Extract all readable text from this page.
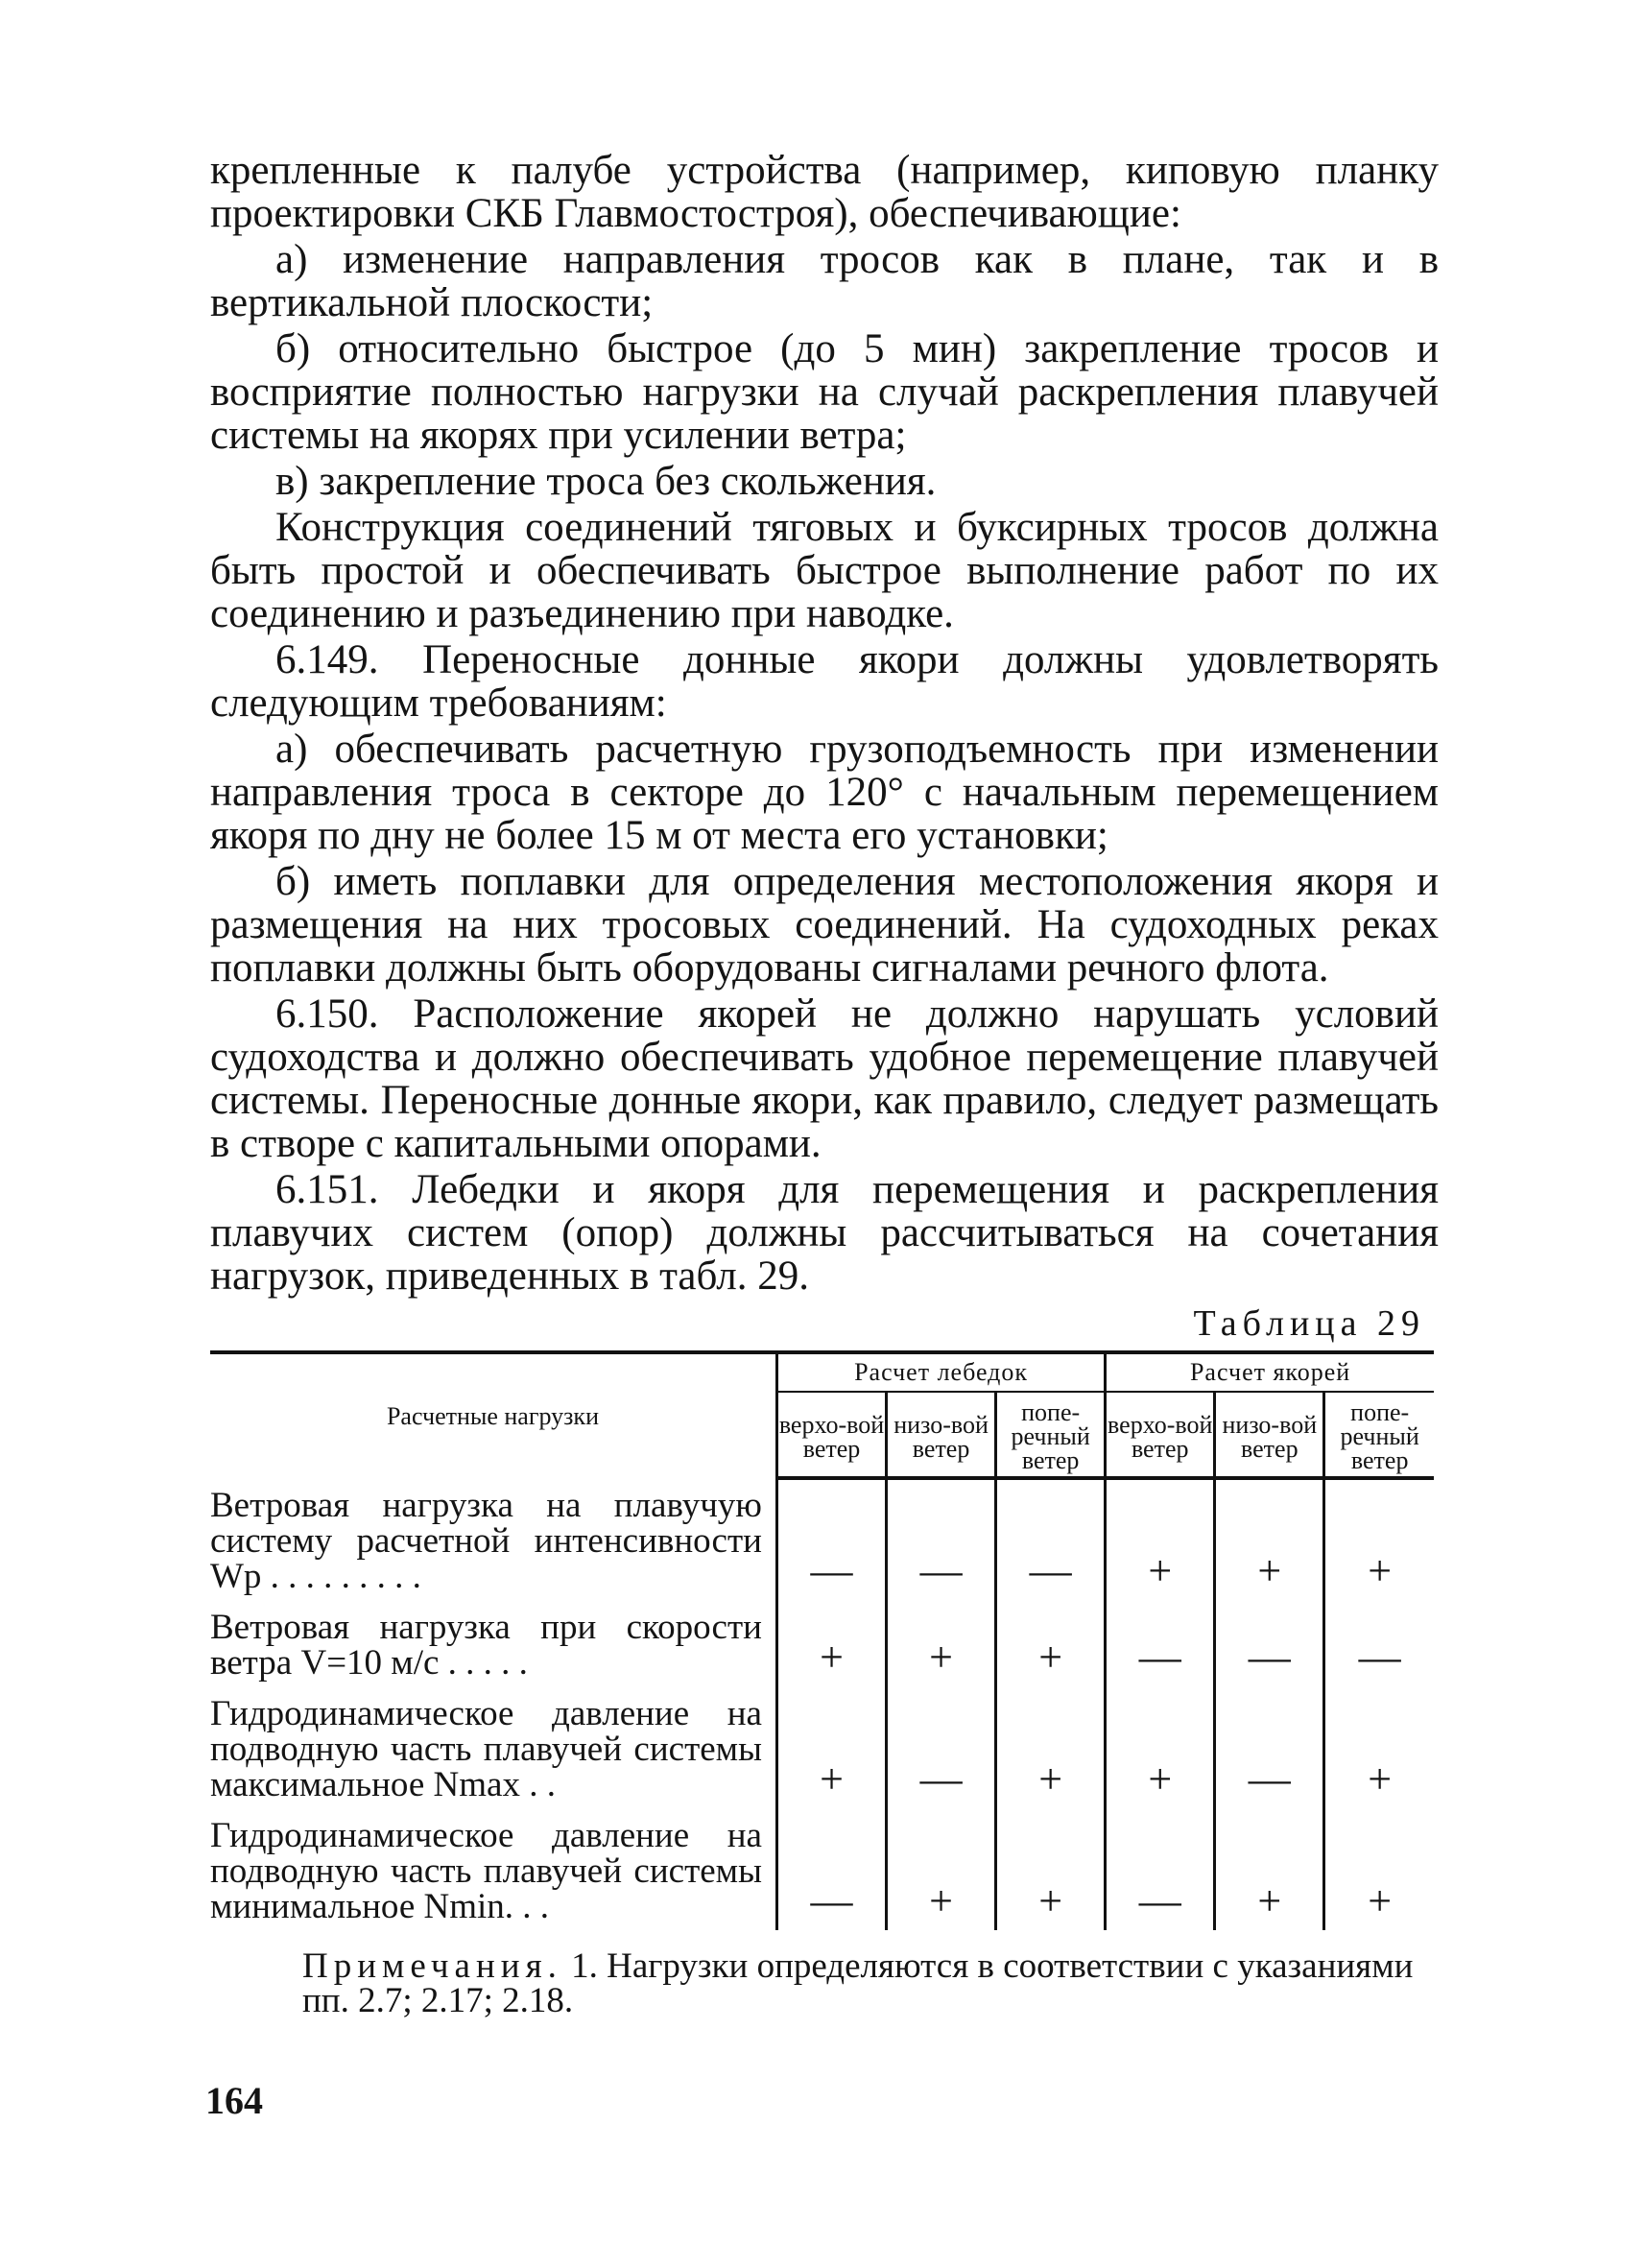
крепленные к палубе устройства (например, киповую планку проектировки СКБ Главмостостроя), обеспечивающие:

а) изменение направления тросов как в плане, так и в вертикальной плоскости;

б) относительно быстрое (до 5 мин) закрепление тросов и восприятие полностью нагрузки на случай раскрепления плавучей системы на якорях при усилении ветра;

в) закрепление троса без скольжения.

Конструкция соединений тяговых и буксирных тросов должна быть простой и обеспечивать быстрое выполнение работ по их соединению и разъединению при наводке.

6.149. Переносные донные якори должны удовлетворять следующим требованиям:

а) обеспечивать расчетную грузоподъемность при изменении направления троса в секторе до 120° с начальным перемещением якоря по дну не более 15 м от места его установки;

б) иметь поплавки для определения местоположения якоря и размещения на них тросовых соединений. На судоходных реках поплавки должны быть оборудованы сигналами речного флота.

6.150. Расположение якорей не должно нарушать условий судоходства и должно обеспечивать удобное перемещение плавучей системы. Переносные донные якори, как правило, следует размещать в створе с капитальными опорами.

6.151. Лебедки и якоря для перемещения и раскрепления плавучих систем (опор) должны рассчитываться на сочетания нагрузок, приведенных в табл. 29.

Таблица 29
Расчетные нагрузки	Расчет лебедок			Расчет якорей		
	верхо-вой ветер	низо-вой ветер	попе-речный ветер	верхо-вой ветер	низо-вой ветер	попе-речный ветер
Ветровая нагрузка на плавучую систему расчетной интенсивности Wр . . . . . . . . .	—	—	—	+	+	+
Ветровая нагрузка при скорости ветра V=10 м/с . . . . .	+	+	+	—	—	—
Гидродинамическое давление на подводную часть плавучей системы максимальное Nmax . .	+	—	+	+	—	+
Гидродинамическое давление на подводную часть плавучей системы минимальное Nmin. . .	—	+	+	—	+	+
Примечания. 1. Нагрузки определяются в соответствии с указаниями пп. 2.7; 2.17; 2.18.
164
